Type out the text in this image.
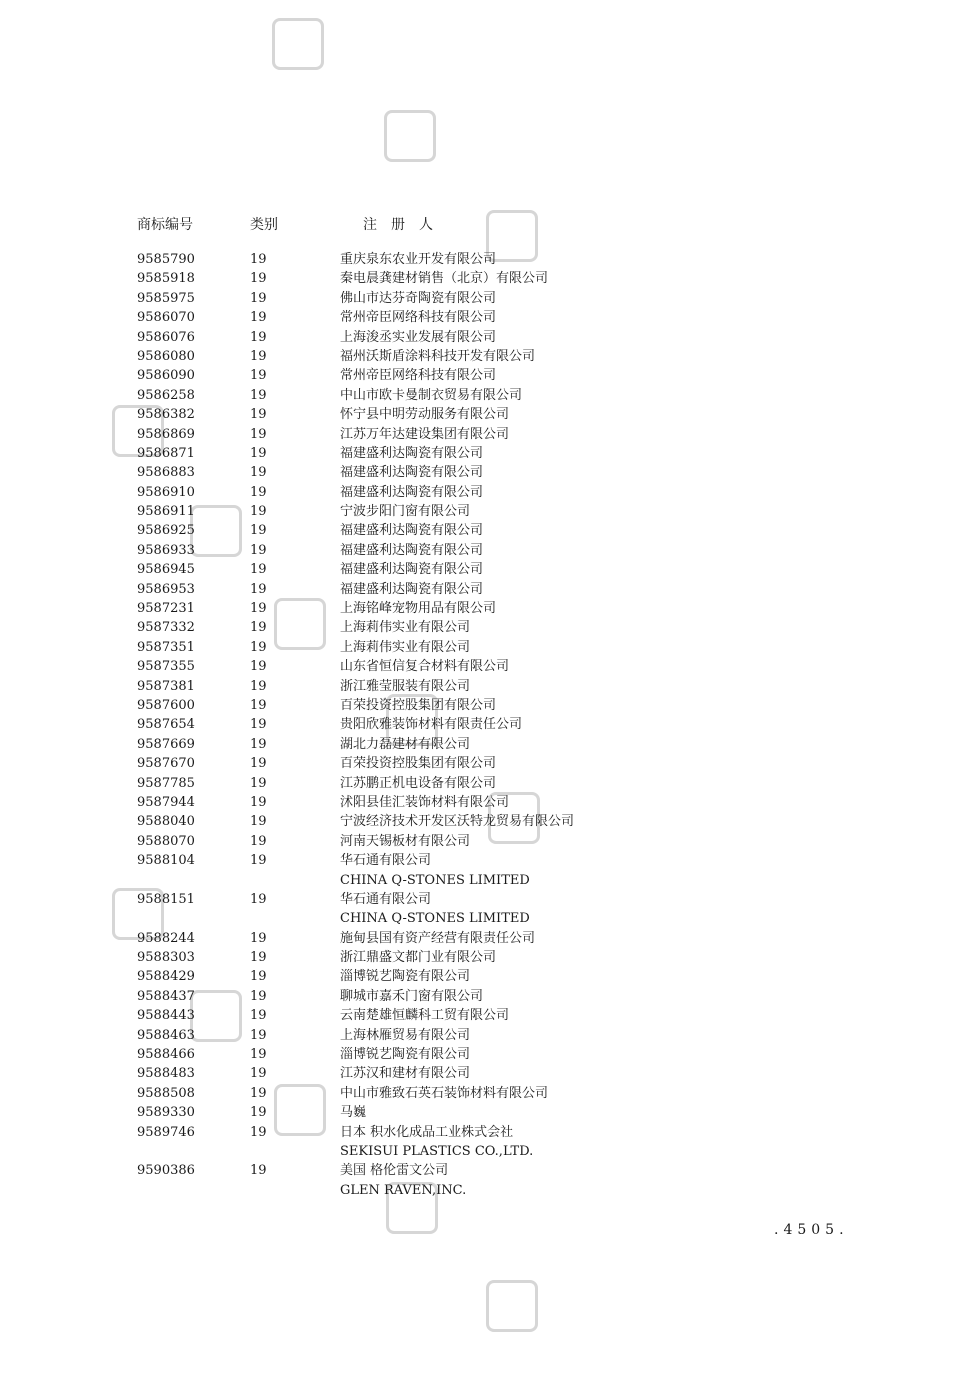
商标编号	类别	注　册　人
9585790	19	重庆泉东农业开发有限公司
9585918	19	秦电晨龚建材销售（北京）有限公司
9585975	19	佛山市达芬奇陶瓷有限公司
9586070	19	常州帝臣网络科技有限公司
9586076	19	上海浚丞实业发展有限公司
9586080	19	福州沃斯盾涂料科技开发有限公司
9586090	19	常州帝臣网络科技有限公司
9586258	19	中山市欧卡曼制衣贸易有限公司
9586382	19	怀宁县中明劳动服务有限公司
9586869	19	江苏万年达建设集团有限公司
9586871	19	福建盛利达陶瓷有限公司
9586883	19	福建盛利达陶瓷有限公司
9586910	19	福建盛利达陶瓷有限公司
9586911	19	宁波步阳门窗有限公司
9586925	19	福建盛利达陶瓷有限公司
9586933	19	福建盛利达陶瓷有限公司
9586945	19	福建盛利达陶瓷有限公司
9586953	19	福建盛利达陶瓷有限公司
9587231	19	上海铭峰宠物用品有限公司
9587332	19	上海莉伟实业有限公司
9587351	19	上海莉伟实业有限公司
9587355	19	山东省恒信复合材料有限公司
9587381	19	浙江雅莹服装有限公司
9587600	19	百荣投资控股集团有限公司
9587654	19	贵阳欣雅装饰材料有限责任公司
9587669	19	湖北力磊建材有限公司
9587670	19	百荣投资控股集团有限公司
9587785	19	江苏鹏正机电设备有限公司
9587944	19	沭阳县佳汇装饰材料有限公司
9588040	19	宁波经济技术开发区沃特龙贸易有限公司
9588070	19	河南天锡板材有限公司
9588104	19	华石通有限公司
CHINA Q-STONES LIMITED
9588151	19	华石通有限公司
CHINA Q-STONES LIMITED
9588244	19	施甸县国有资产经营有限责任公司
9588303	19	浙江鼎盛文都门业有限公司
9588429	19	淄博锐艺陶瓷有限公司
9588437	19	聊城市嘉禾门窗有限公司
9588443	19	云南楚雄恒麟科工贸有限公司
9588463	19	上海林雁贸易有限公司
9588466	19	淄博锐艺陶瓷有限公司
9588483	19	江苏汉和建材有限公司
9588508	19	中山市雅致石英石装饰材料有限公司
9589330	19	马巍
9589746	19	日本 积水化成品工业株式会社
SEKISUI PLASTICS CO.,LTD.
9590386	19	美国 格伦雷文公司
GLEN RAVEN,INC.
.4505.
